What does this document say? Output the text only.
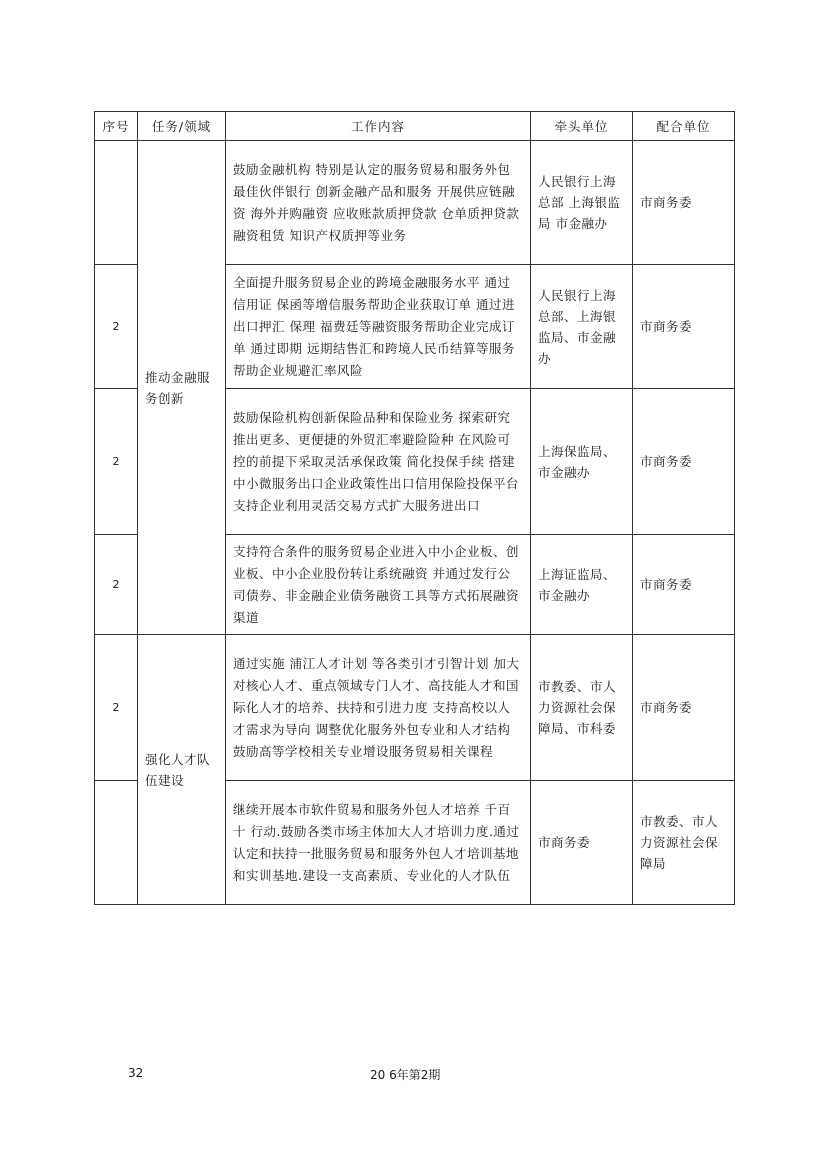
序号	任务/领域	工作内容	牵头单位	配合单位
	推动金融服务创新	鼓励金融机构 特别是认定的服务贸易和服务外包最佳伙伴银行 创新金融产品和服务 开展供应链融资 海外并购融资 应收账款质押贷款 仓单质押贷款 融资租赁 知识产权质押等业务	人民银行上海总部 上海银监局 市金融办	市商务委
2		全面提升服务贸易企业的跨境金融服务水平 通过信用证 保函等增信服务帮助企业获取订单 通过进出口押汇 保理 福费廷等融资服务帮助企业完成订单 通过即期 远期结售汇和跨境人民币结算等服务帮助企业规避汇率风险	人民银行上海总部、上海银监局、市金融办	市商务委
2		鼓励保险机构创新保险品种和保险业务 探索研究推出更多、更便捷的外贸汇率避险险种 在风险可控的前提下采取灵活承保政策 简化投保手续 搭建中小微服务出口企业政策性出口信用保险投保平台 支持企业利用灵活交易方式扩大服务进出口	上海保监局、市金融办	市商务委
2		支持符合条件的服务贸易企业进入中小企业板、创业板、中小企业股份转让系统融资 并通过发行公司债券、非金融企业债务融资工具等方式拓展融资渠道	上海证监局、市金融办	市商务委
2	强化人才队伍建设	通过实施 浦江人才计划 等各类引才引智计划 加大对核心人才、重点领域专门人才、高技能人才和国际化人才的培养、扶持和引进力度 支持高校以人才需求为导向 调整优化服务外包专业和人才结构 鼓励高等学校相关专业增设服务贸易相关课程	市教委、市人力资源社会保障局、市科委	市商务委
		继续开展本市软件贸易和服务外包人才培养 千百十 行动.鼓励各类市场主体加大人才培训力度.通过认定和扶持一批服务贸易和服务外包人才培训基地和实训基地.建设一支高素质、专业化的人才队伍	市商务委	市教委、市人力资源社会保障局
32	20 6年第2期
